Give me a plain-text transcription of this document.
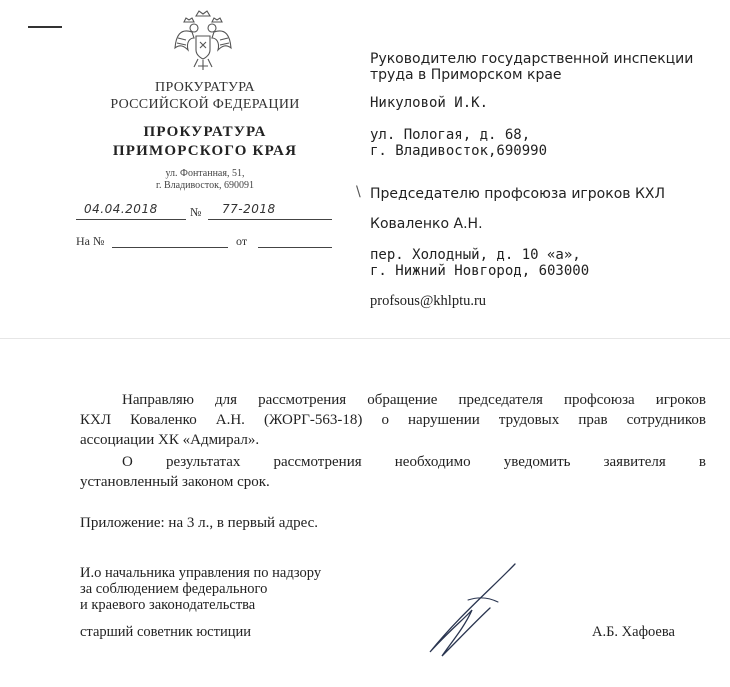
ПРОКУРАТУРА
РОССИЙСКОЙ ФЕДЕРАЦИИ
ПРОКУРАТУРА
ПРИМОРСКОГО КРАЯ
ул. Фонтанная, 51,
г. Владивосток, 690091
04.04.2018	№ 77-2018
На №	от
Руководителю государственной инспекции
труда в Приморском крае
Никуловой И.К.
ул. Пологая, д. 68,
г. Владивосток,690990
\ Председателю профсоюза игроков КХЛ
Коваленко А.Н.
пер. Холодный, д. 10 «а»,
г. Нижний Новгород, 603000
profsous@khlptu.ru
Направляю для рассмотрения обращение председателя профсоюза игроков
КХЛ Коваленко А.Н. (ЖОРГ-563-18) о нарушении трудовых прав сотрудников
ассоциации ХК «Адмирал».
О результатах рассмотрения необходимо уведомить заявителя в
установленный законом срок.
Приложение: на 3 л., в первый адрес.
И.о начальника управления по надзору
за соблюдением федерального
и краевого законодательства
старший советник юстиции	А.Б. Хафоева
